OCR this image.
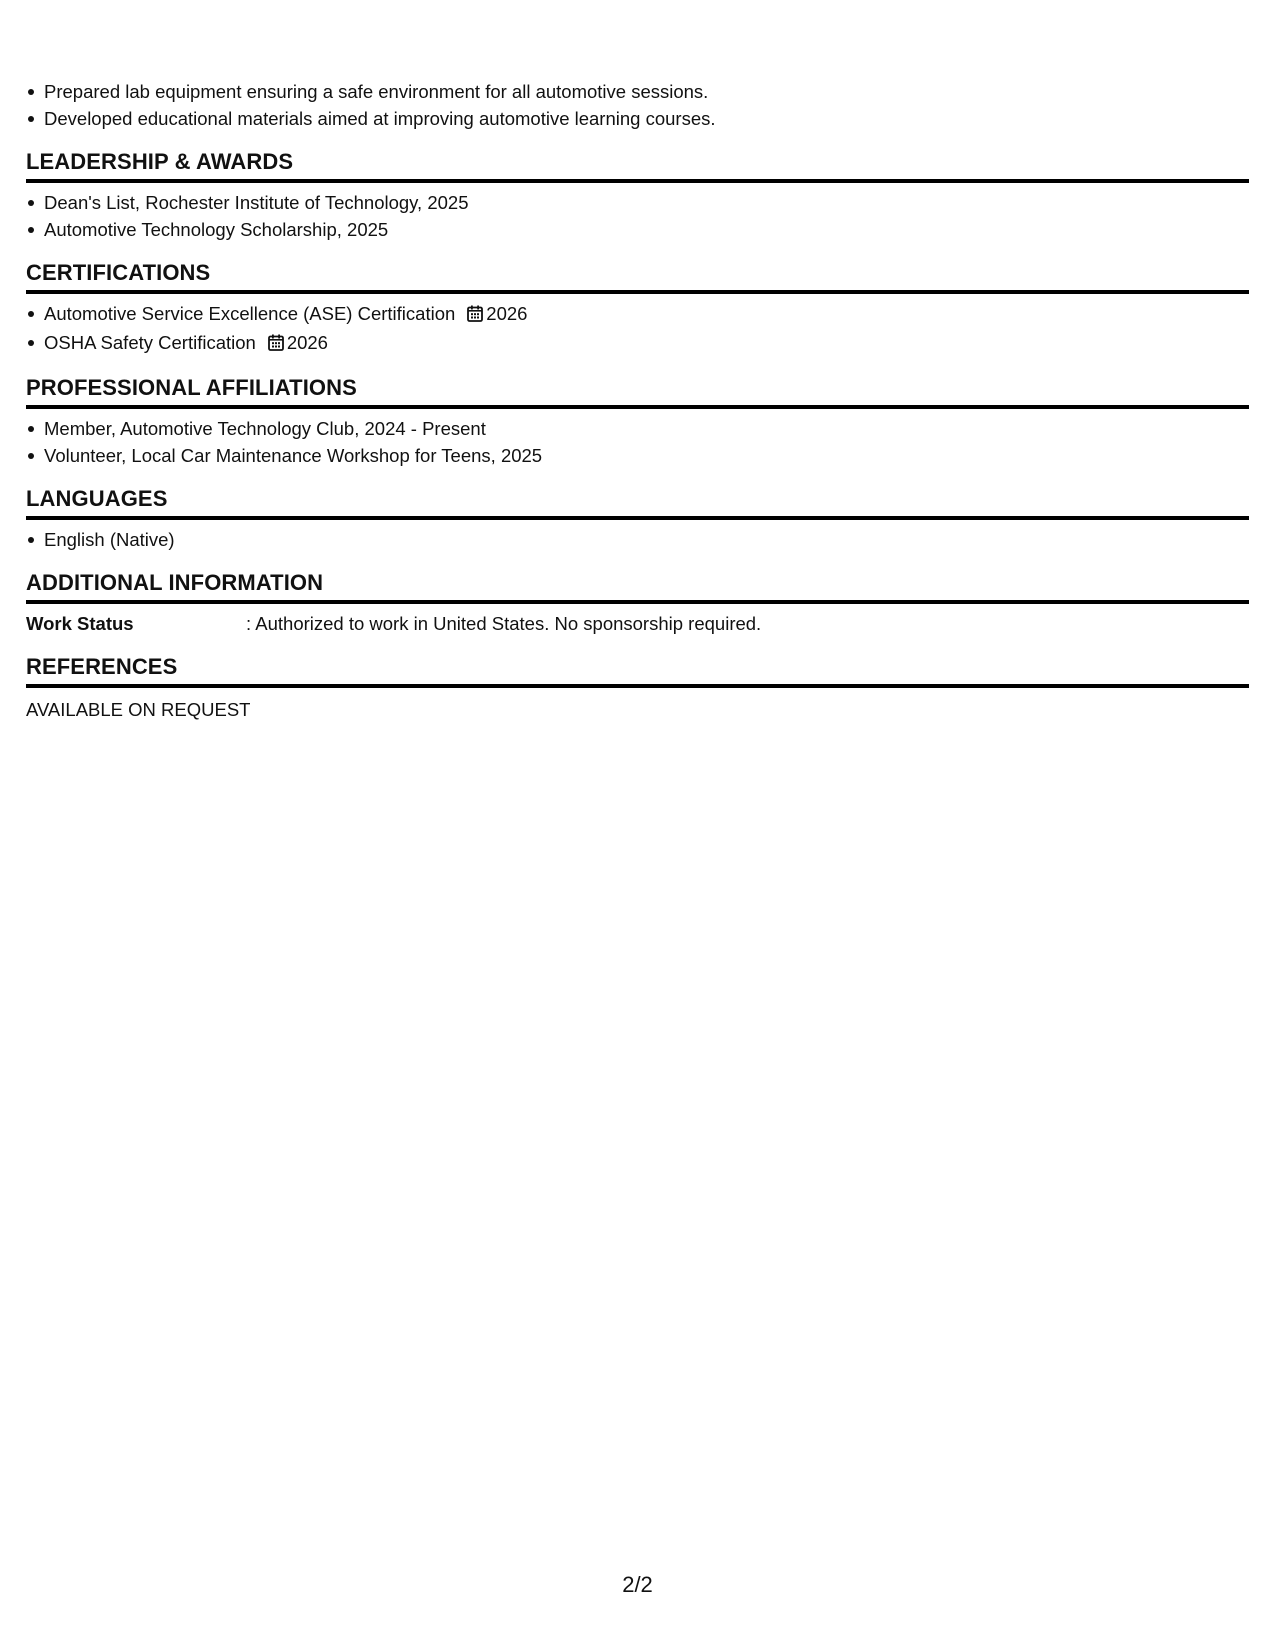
Prepared lab equipment ensuring a safe environment for all automotive sessions.
Developed educational materials aimed at improving automotive learning courses.
LEADERSHIP & AWARDS
Dean's List, Rochester Institute of Technology, 2025
Automotive Technology Scholarship, 2025
CERTIFICATIONS
Automotive Service Excellence (ASE) Certification 2026
OSHA Safety Certification 2026
PROFESSIONAL AFFILIATIONS
Member, Automotive Technology Club, 2024 - Present
Volunteer, Local Car Maintenance Workshop for Teens, 2025
LANGUAGES
English (Native)
ADDITIONAL INFORMATION
Work Status	: Authorized to work in United States. No sponsorship required.
REFERENCES
AVAILABLE ON REQUEST
2/2
